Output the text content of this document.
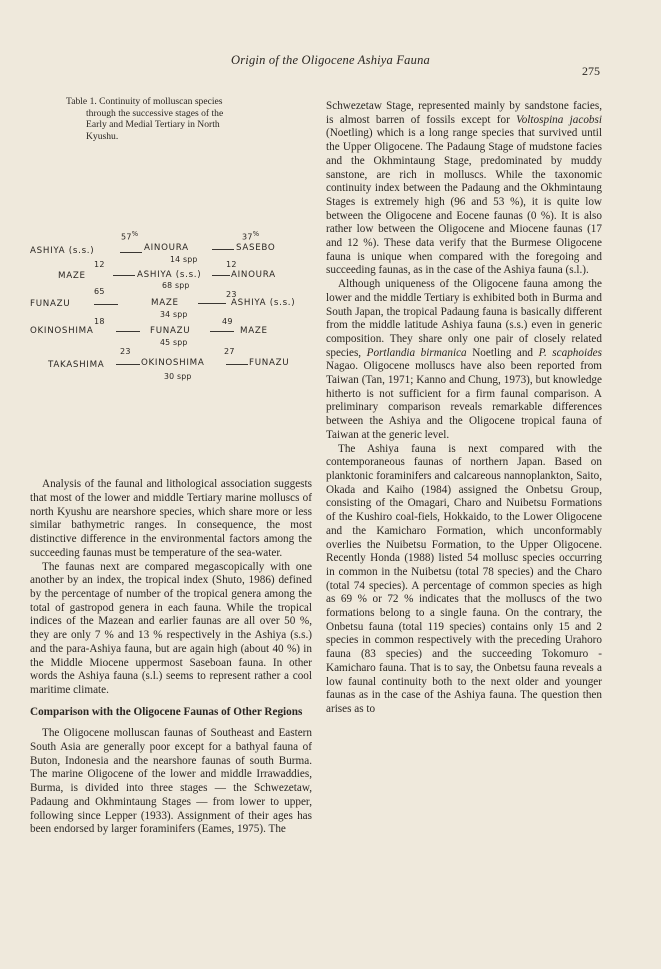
Origin of the Oligocene Ashiya Fauna
275
Table 1. Continuity of molluscan species
through the successive stages of the
Early and Medial Tertiary in North
Kyushu.
57%	37%
ASHIYA (s.s.)	AINOURA	SASEBO
14 spp
12	12
MAZE	ASHIYA (s.s.)	AINOURA
68 spp
65	23
FUNAZU	MAZE	ASHIYA (s.s.)
34 spp
18	49
OKINOSHIMA	FUNAZU	MAZE
45 spp
23	27
TAKASHIMA	OKINOSHIMA	FUNAZU
30 spp

Analysis of the faunal and lithological association suggests that most of the lower and middle Tertiary marine molluscs of north Kyushu are nearshore species, which share more or less similar bathymetric ranges. In consequence, the most distinctive difference in the environmental factors among the succeeding faunas must be temperature of the sea-water.

The faunas next are compared megascopically with one another by an index, the tropical index (Shuto, 1986) defined by the percentage of number of the tropical genera among the total of gastropod genera in each fauna. While the tropical indices of the Mazean and earlier faunas are all over 50 %, they are only 7 % and 13 % respectively in the Ashiya (s.s.) and the para-Ashiya fauna, but are again high (about 40 %) in the Middle Miocene uppermost Saseboan fauna. In other words the Ashiya fauna (s.l.) seems to represent rather a cool maritime climate.

Comparison with the Oligocene Faunas of Other Regions

The Oligocene molluscan faunas of Southeast and Eastern South Asia are generally poor except for a bathyal fauna of Buton, Indonesia and the nearshore faunas of south Burma. The marine Oligocene of the lower and middle Irrawaddies, Burma, is divided into three stages — the Schwezetaw, Padaung and Okhmintaung Stages — from lower to upper, following since Lepper (1933). Assignment of their ages has been endorsed by larger foraminifers (Eames, 1975). The

Schwezetaw Stage, represented mainly by sandstone facies, is almost barren of fossils except for Voltospina jacobsi (Noetling) which is a long range species that survived until the Upper Oligocene. The Padaung Stage of mudstone facies and the Okhmintaung Stage, predominated by muddy sanstone, are rich in molluscs. While the taxonomic continuity index between the Padaung and the Okhmintaung Stages is extremely high (96 and 53 %), it is quite low between the Oligocene and Eocene faunas (0 %). It is also rather low between the Oligocene and Miocene faunas (17 and 12 %). These data verify that the Burmese Oligocene fauna is unique when compared with the foregoing and succeeding faunas, as in the case of the Ashiya fauna (s.l.).

Although uniqueness of the Oligocene fauna among the lower and the middle Tertiary is exhibited both in Burma and South Japan, the tropical Padaung fauna is basically different from the middle latitude Ashiya fauna (s.s.) even in generic composition. They share only one pair of closely related species, Portlandia birmanica Noetling and P. scaphoides Nagao. Oligocene molluscs have also been reported from Taiwan (Tan, 1971; Kanno and Chung, 1973), but knowledge hitherto is not sufficient for a firm faunal comparison. A preliminary comparison reveals remarkable differences between the Ashiya and the Oligocene tropical fauna of Taiwan at the generic level.

The Ashiya fauna is next compared with the contemporaneous faunas of northern Japan. Based on planktonic foraminifers and calcareous nannoplankton, Saito, Okada and Kaiho (1984) assigned the Onbetsu Group, consisting of the Omagari, Charo and Nuibetsu Formations of the Kushiro coal-fiels, Hokkaido, to the Lower Oligocene and the Kamicharo Formation, which unconformably overlies the Nuibetsu Formation, to the Upper Oligocene. Recently Honda (1988) listed 54 mollusc species occurring in common in the Nuibetsu (total 78 species) and the Charo (total 74 species). A percentage of common species as high as 69 % or 72 % indicates that the molluscs of the two formations belong to a single fauna. On the contrary, the Onbetsu fauna (total 119 species) contains only 15 and 2 species in common respectively with the preceding Urahoro fauna (83 species) and the succeeding Tokomuro - Kamicharo fauna. That is to say, the Onbetsu fauna reveals a low faunal continuity both to the next older and younger faunas as in the case of the Ashiya fauna. The question then arises as to
